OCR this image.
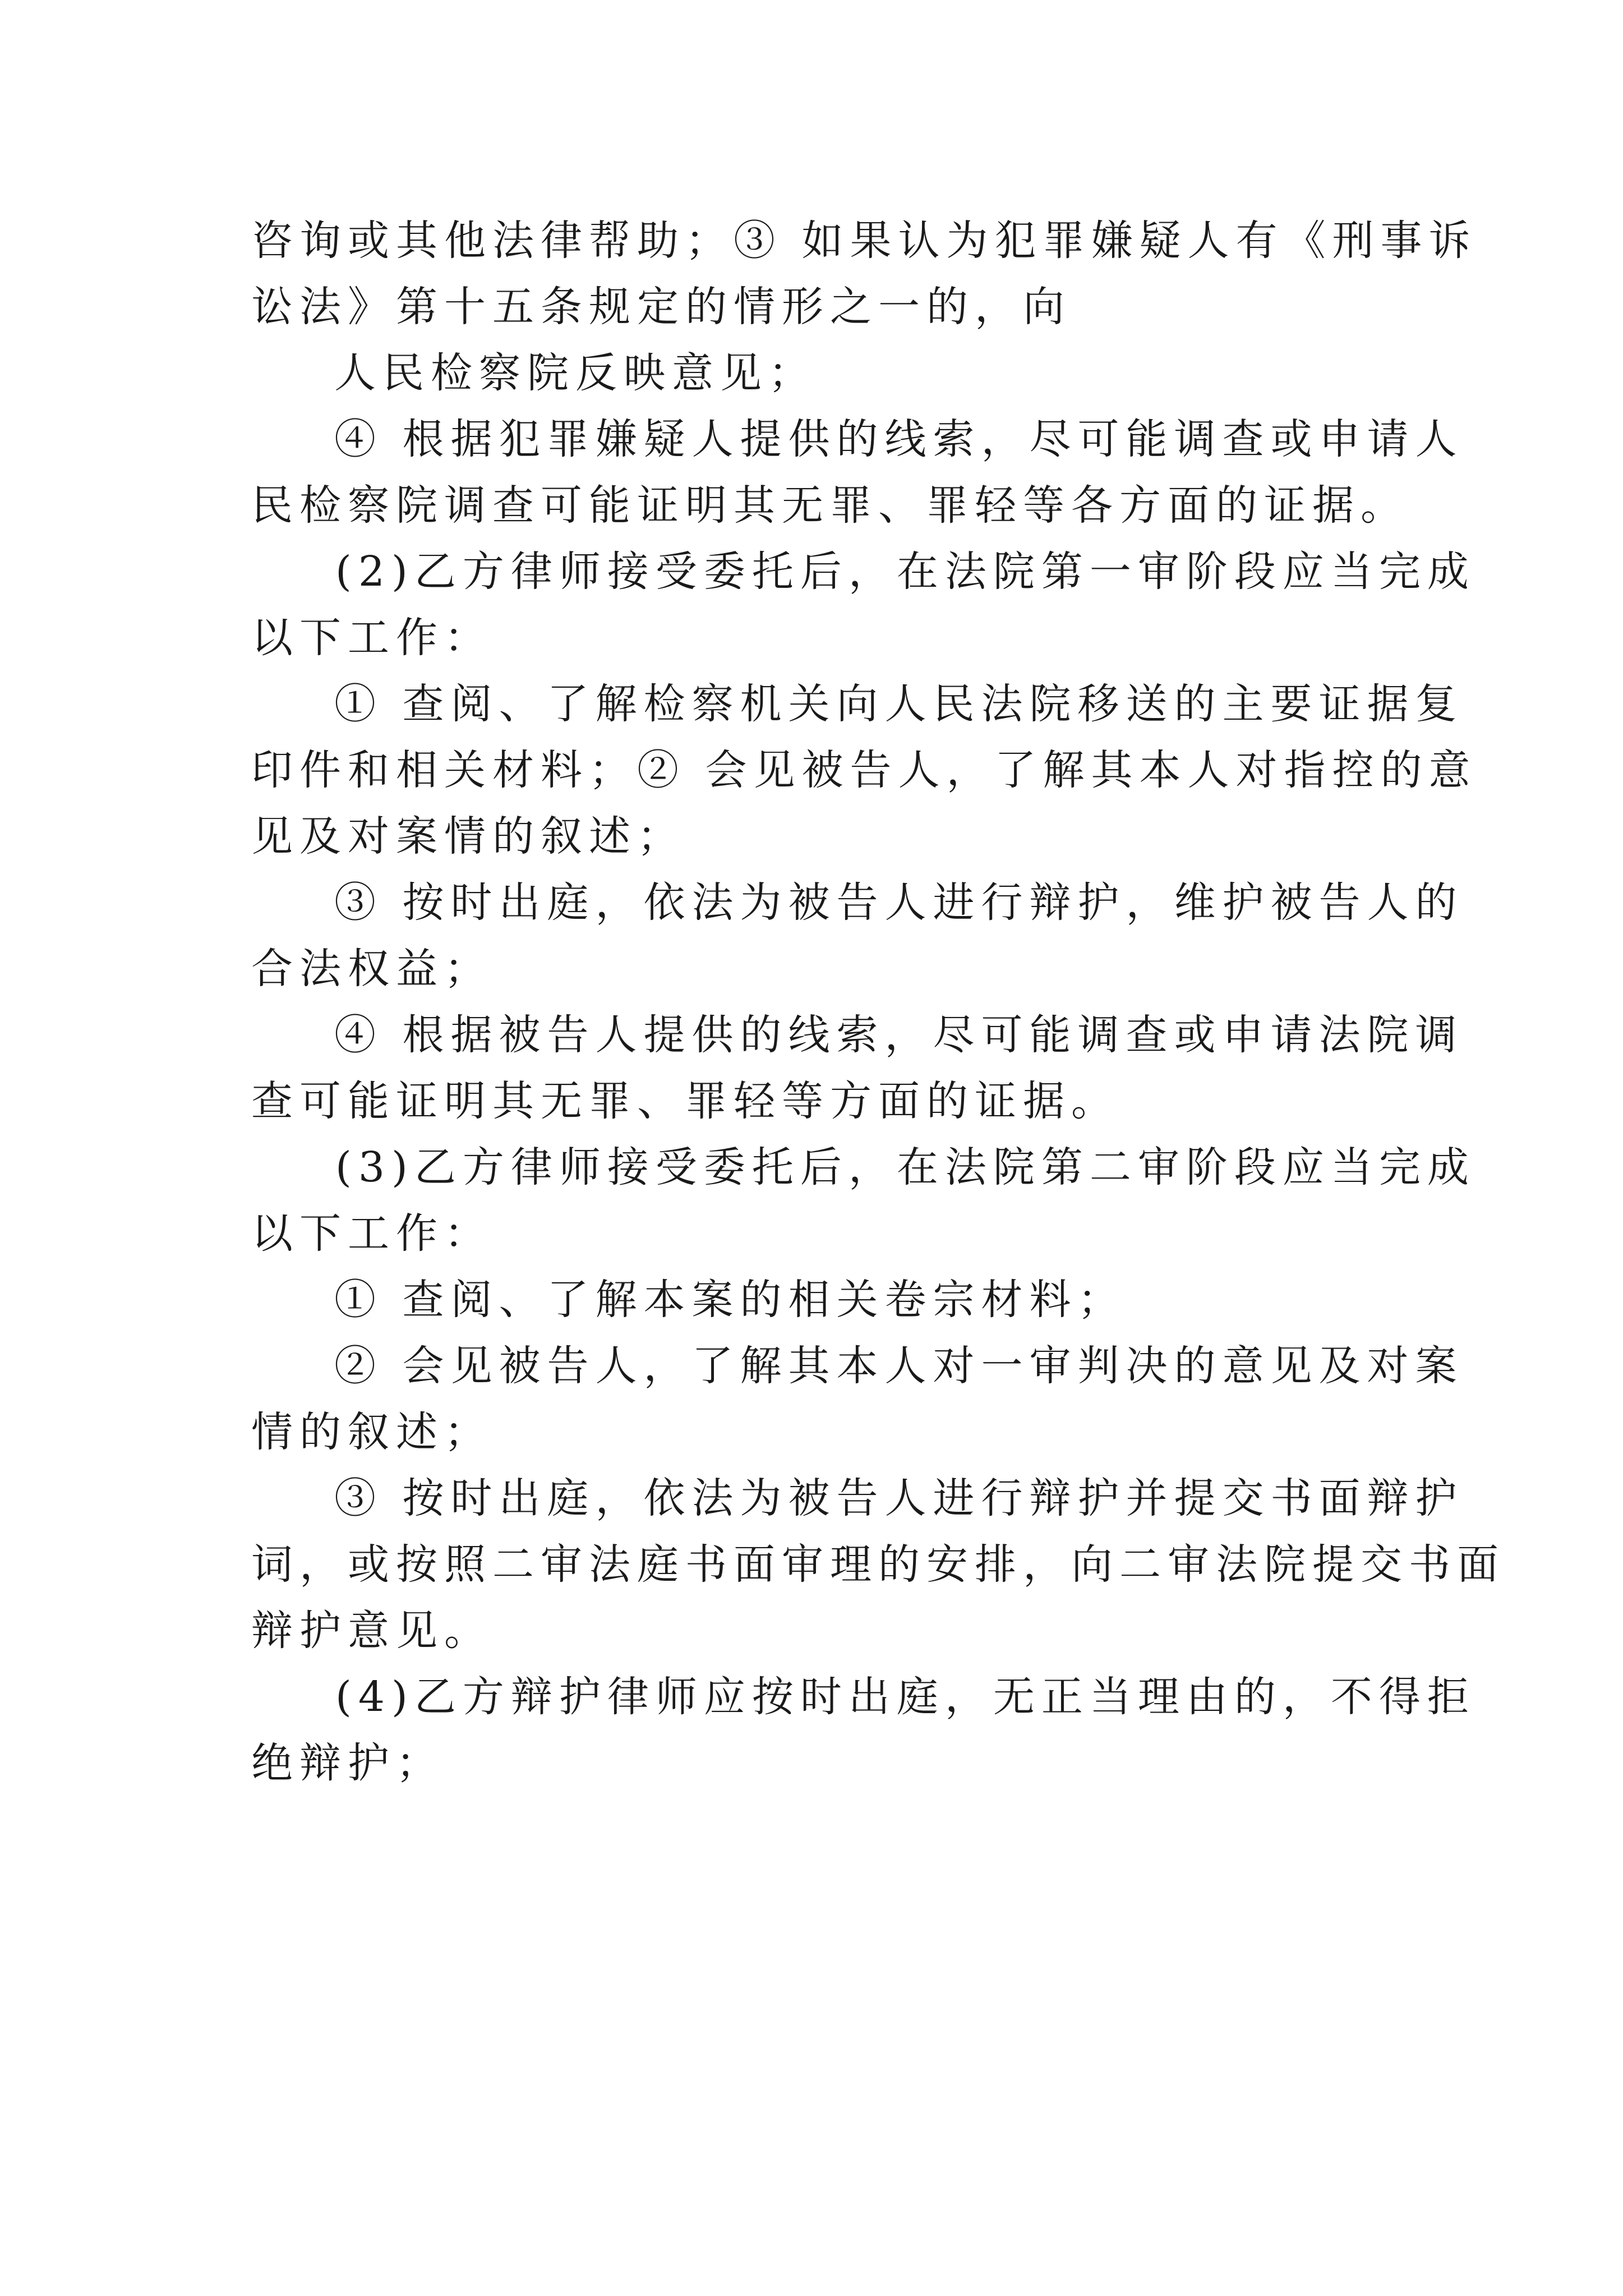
咨询或其他法律帮助；③ 如果认为犯罪嫌疑人有《刑事诉
讼法》第十五条规定的情形之一的，向
人民检察院反映意见；
④ 根据犯罪嫌疑人提供的线索，尽可能调查或申请人
民检察院调查可能证明其无罪、罪轻等各方面的证据。
(2)乙方律师接受委托后，在法院第一审阶段应当完成
以下工作：
① 查阅、了解检察机关向人民法院移送的主要证据复
印件和相关材料；② 会见被告人，了解其本人对指控的意
见及对案情的叙述；
③ 按时出庭，依法为被告人进行辩护，维护被告人的
合法权益；
④ 根据被告人提供的线索，尽可能调查或申请法院调
查可能证明其无罪、罪轻等方面的证据。
(3)乙方律师接受委托后，在法院第二审阶段应当完成
以下工作：
① 查阅、了解本案的相关卷宗材料；
② 会见被告人，了解其本人对一审判决的意见及对案
情的叙述；
③ 按时出庭，依法为被告人进行辩护并提交书面辩护
词，或按照二审法庭书面审理的安排，向二审法院提交书面
辩护意见。
(4)乙方辩护律师应按时出庭，无正当理由的，不得拒
绝辩护；
